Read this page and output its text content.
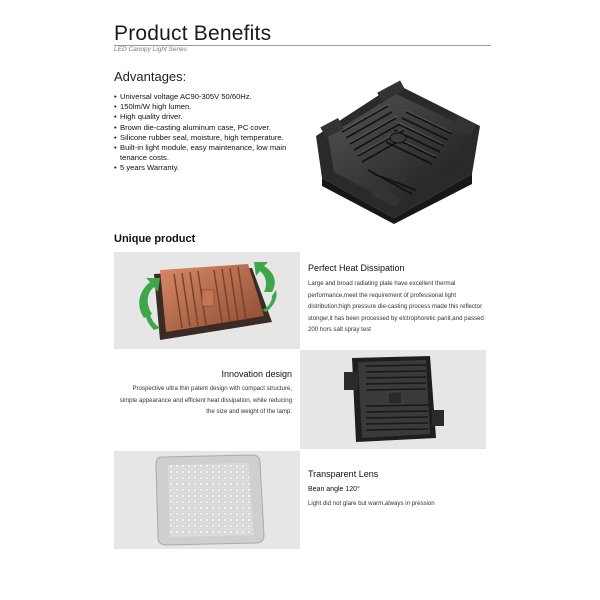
Product Benefits
LED Canopy Light Series
Advantages:
• Universal voltage AC90-305V 50/60Hz.
• 150lm/W high lumen.
• High quality driver.
• Brown die-casting aluminum case, PC cover.
• Silicone rubber seal, moisture, high temperature.
• Built-in light module, easy maintenance, low main tenance costs.
• 5 years Warranty.
Unique product
Perfect Heat Dissipation
Large and broad radiating plate have excellent thermal performance,meet the requirement of professional light distribution;high pressure die-casting process made this reflector stonger,it has been processed by elctrophoretic panit,and passed 200 hors salt spray test
Innovation design
Prospective ultra thin patent design with compact structure, simple appearance and efficient heat dissipation, while reducing the size and weight of the lamp.
Transparent Lens
Bean angle 120°
Light did not glare but warm,always in pression
